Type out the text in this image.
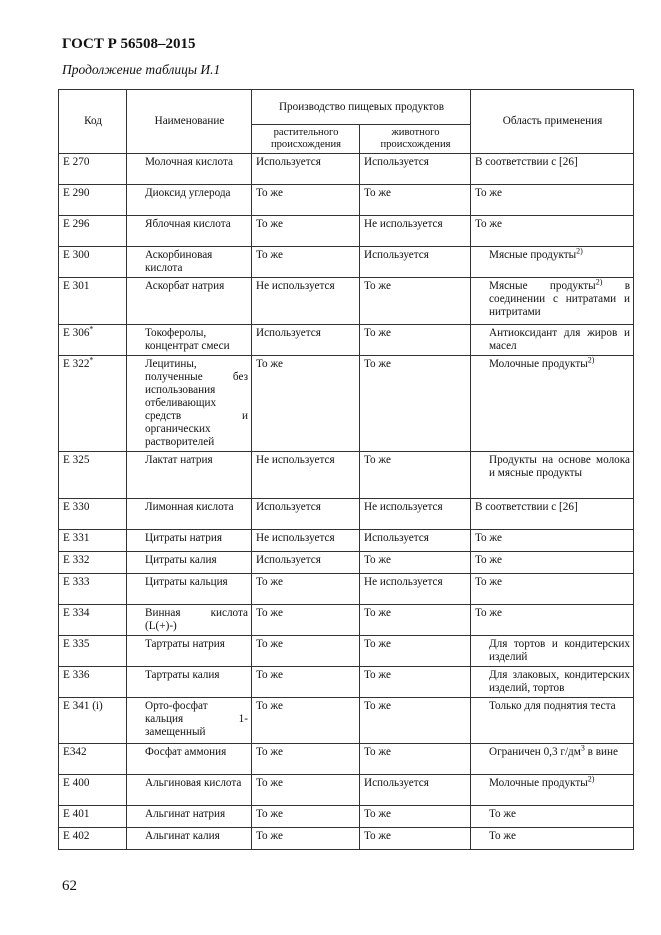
ГОСТ Р 56508–2015
Продолжение таблицы И.1
Код	Наименование	Производство пищевых продуктов		Область применения
		растительного происхождения	животного происхождения	
Е 270	Молочная кислота	Используется	Используется	В соответствии с [26]
Е 290	Диоксид углерода	То же	То же	То же
Е 296	Яблочная кислота	То же	Не используется	То же
Е 300	Аскорбиновая кислота	То же	Используется	Мясные продукты$^{2)}$
Е 301	Аскорбат натрия	Не используется	То же	Мясные продукты$^{2)}$ в соединении с нитратами и нитритами
Е 306*	Токоферолы, концентрат смеси	Используется	То же	Антиоксидант для жиров и масел
Е 322*	Лецитины, полученные без использования отбеливающих средств и органических растворителей	То же	То же	Молочные продукты$^{2)}$
Е 325	Лактат натрия	Не используется	То же	Продукты на основе молока и мясные продукты
Е 330	Лимонная кислота	Используется	Не используется	В соответствии с [26]
Е 331	Цитраты натрия	Не используется	Используется	То же
Е 332	Цитраты калия	Используется	То же	То же
Е 333	Цитраты кальция	То же	Не используется	То же
Е 334	Винная кислота (L(+)-)	То же	То же	То же
Е 335	Тартраты натрия	То же	То же	Для тортов и кондитерских изделий
Е 336	Тартраты калия	То же	То же	Для злаковых, кондитерских изделий, тортов
Е 341 (i)	Орто-фосфат кальция 1-замещенный	То же	То же	Только для поднятия теста
Е342	Фосфат аммония	То же	То же	Ограничен 0,3 $г/дм^3$ в вине
Е 400	Альгиновая кислота	То же	Используется	Молочные продукты$^{2)}$
Е 401	Альгинат натрия	То же	То же	То же
Е 402	Альгинат калия	То же	То же	То же
62
